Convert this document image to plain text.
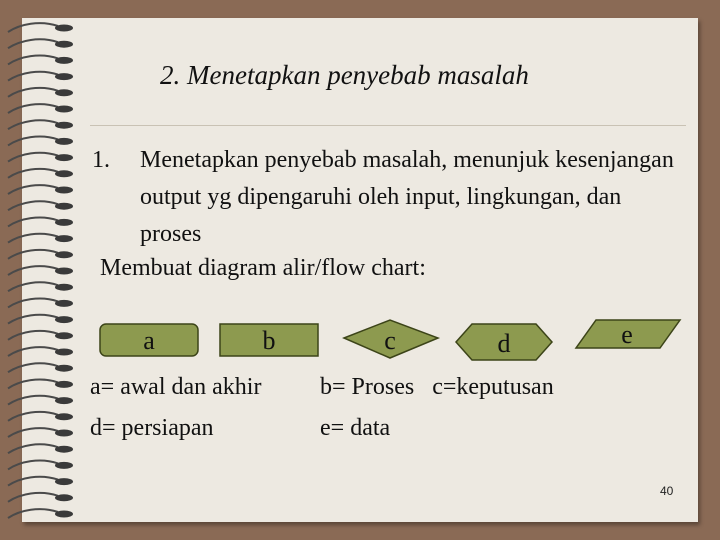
2. Menetapkan penyebab masalah
1. Menetapkan penyebab masalah, menunjuk kesenjangan output yg dipengaruhi oleh input, lingkungan, dan proses
Membuat diagram alir/flow chart:
a	b	c	d	e
a= awal dan akhir
d= persiapan
b= Proses   c=keputusan
e= data
40
